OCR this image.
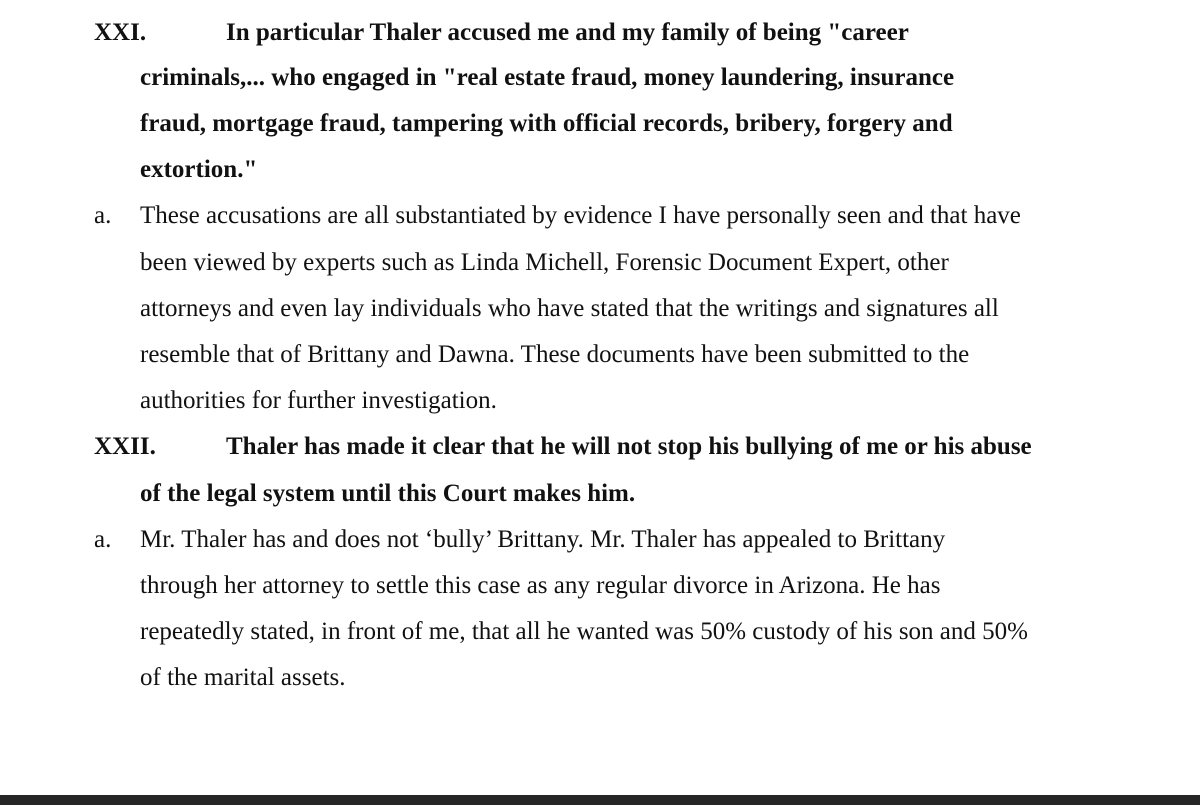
XXI.	In particular Thaler accused me and my family of being "career
criminals,... who engaged in "real estate fraud, money laundering, insurance
fraud, mortgage fraud, tampering with official records, bribery, forgery and
extortion."
a. These accusations are all substantiated by evidence I have personally seen and that have
been viewed by experts such as Linda Michell, Forensic Document Expert, other
attorneys and even lay individuals who have stated that the writings and signatures all
resemble that of Brittany and Dawna. These documents have been submitted to the
authorities for further investigation.
XXII.	Thaler has made it clear that he will not stop his bullying of me or his abuse
of the legal system until this Court makes him.
a. Mr. Thaler has and does not ‘bully’ Brittany. Mr. Thaler has appealed to Brittany
through her attorney to settle this case as any regular divorce in Arizona. He has
repeatedly stated, in front of me, that all he wanted was 50% custody of his son and 50%
of the marital assets.
